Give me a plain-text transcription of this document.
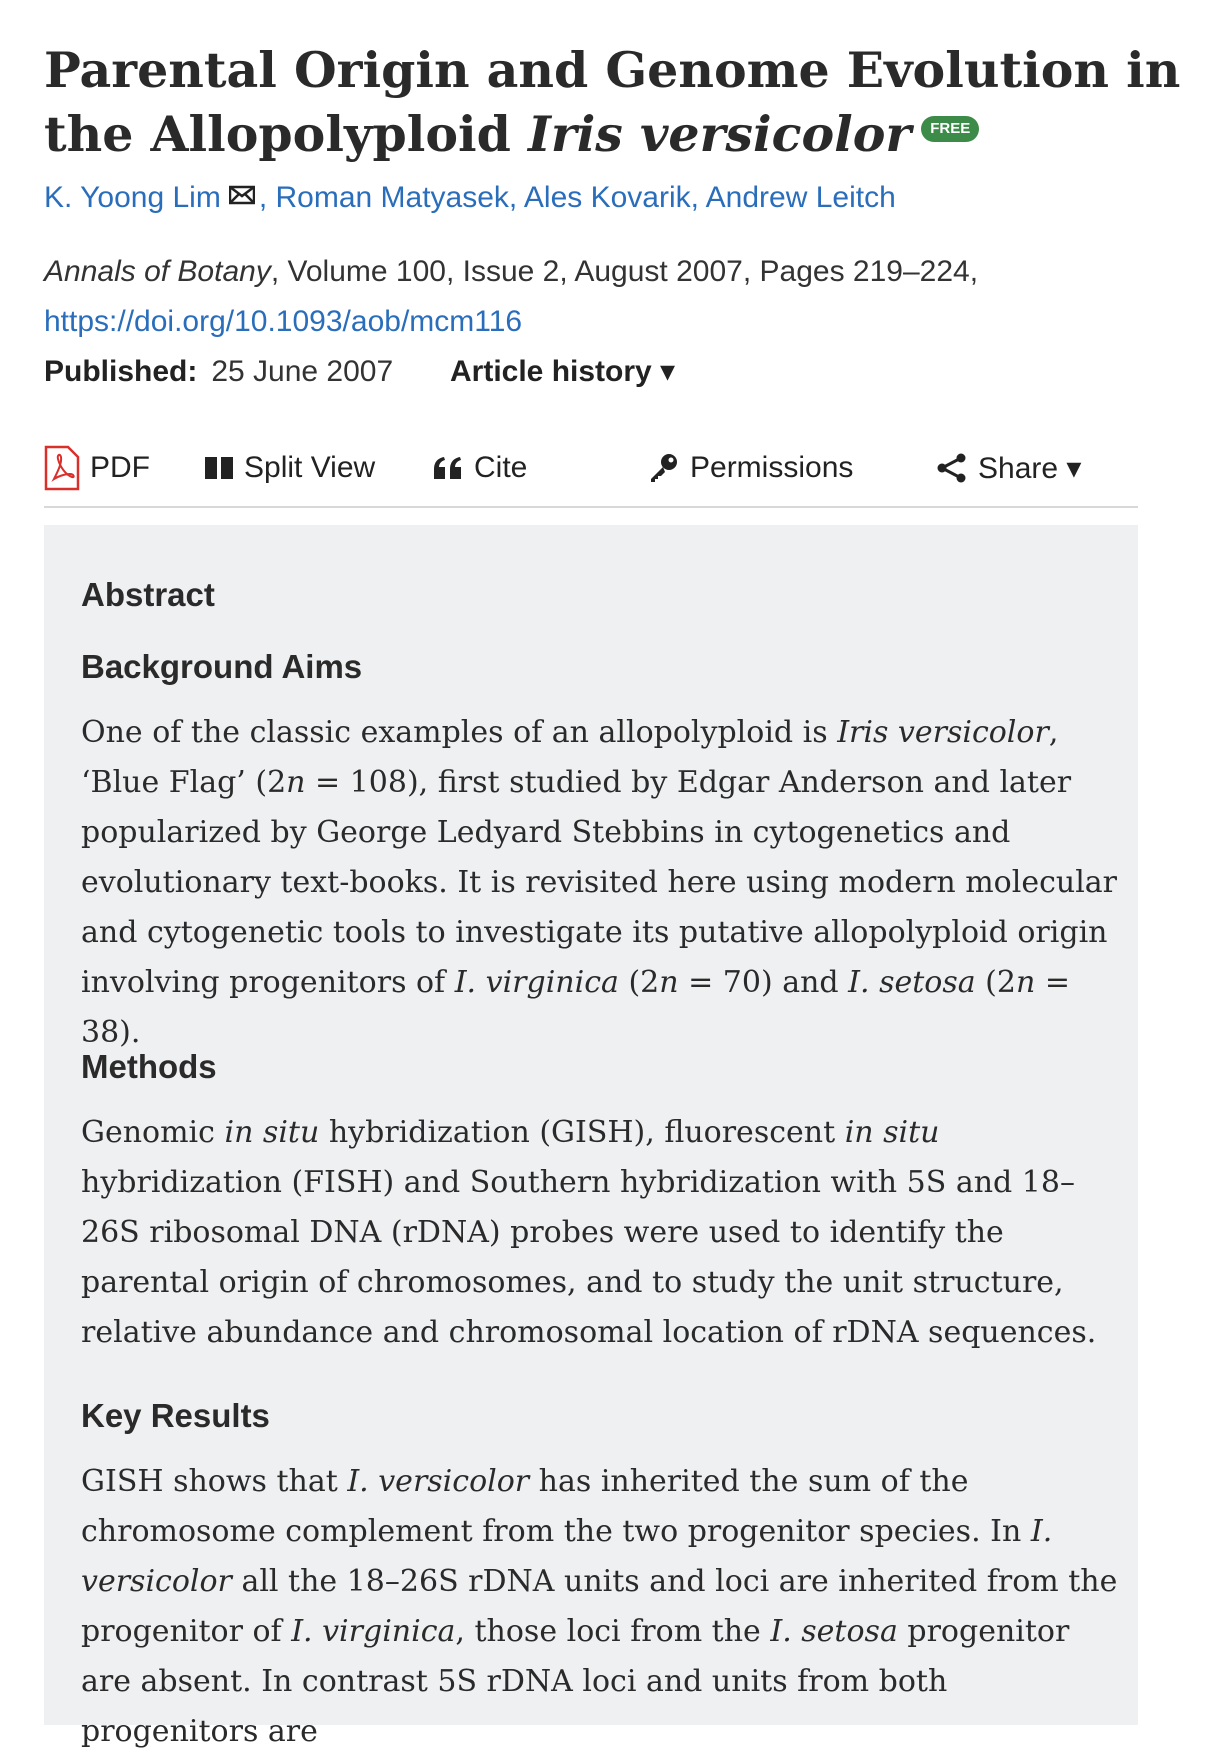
Parental Origin and Genome Evolution in the Allopolyploid Iris versicolor FREE
K. Yoong Lim , Roman Matyasek, Ales Kovarik, Andrew Leitch
Annals of Botany, Volume 100, Issue 2, August 2007, Pages 219–224,
https://doi.org/10.1093/aob/mcm116
Published: 25 June 2007 Article history ▾
PDF	Split View	Cite	Permissions	Share ▾
Abstract
Background Aims

One of the classic examples of an allopolyploid is Iris versicolor, ‘Blue Flag’ (2n = 108), first studied by Edgar Anderson and later popularized by George Ledyard Stebbins in cytogenetics and evolutionary text-books. It is revisited here using modern molecular and cytogenetic tools to investigate its putative allopolyploid origin involving progenitors of I. virginica (2n = 70) and I. setosa (2n = 38).

Methods

Genomic in situ hybridization (GISH), fluorescent in situ hybridization (FISH) and Southern hybridization with 5S and 18–26S ribosomal DNA (rDNA) probes were used to identify the parental origin of chromosomes, and to study the unit structure, relative abundance and chromosomal location of rDNA sequences.

Key Results

GISH shows that I. versicolor has inherited the sum of the chromosome complement from the two progenitor species. In I. versicolor all the 18–26S rDNA units and loci are inherited from the progenitor of I. virginica, those loci from the I. setosa progenitor are absent. In contrast 5S rDNA loci and units from both progenitors are
